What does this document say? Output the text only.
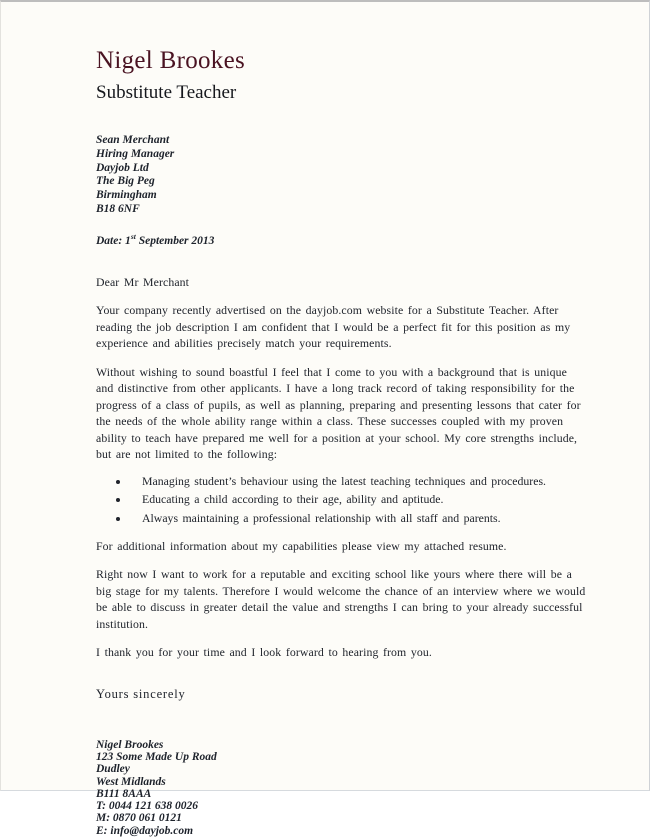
Nigel Brookes
Substitute Teacher
Sean Merchant
Hiring Manager
Dayjob Ltd
The Big Peg
Birmingham
B18 6NF
Date: 1st September 2013
Dear Mr Merchant
Your company recently advertised on the dayjob.com website for a Substitute Teacher. After reading the job description I am confident that I would be a perfect fit for this position as my experience and abilities precisely match your requirements.
Without wishing to sound boastful I feel that I come to you with a background that is unique and distinctive from other applicants. I have a long track record of taking responsibility for the progress of a class of pupils, as well as planning, preparing and presenting lessons that cater for the needs of the whole ability range within a class. These successes coupled with my proven ability to teach have prepared me well for a position at your school. My core strengths include, but are not limited to the following:
• Managing student’s behaviour using the latest teaching techniques and procedures.
• Educating a child according to their age, ability and aptitude.
• Always maintaining a professional relationship with all staff and parents.
For additional information about my capabilities please view my attached resume.
Right now I want to work for a reputable and exciting school like yours where there will be a big stage for my talents. Therefore I would welcome the chance of an interview where we would be able to discuss in greater detail the value and strengths I can bring to your already successful institution.
I thank you for your time and I look forward to hearing from you.
Yours sincerely
Nigel Brookes
123 Some Made Up Road
Dudley
West Midlands
B111 8AAA
T: 0044 121 638 0026
M: 0870 061 0121
E: info@dayjob.com
